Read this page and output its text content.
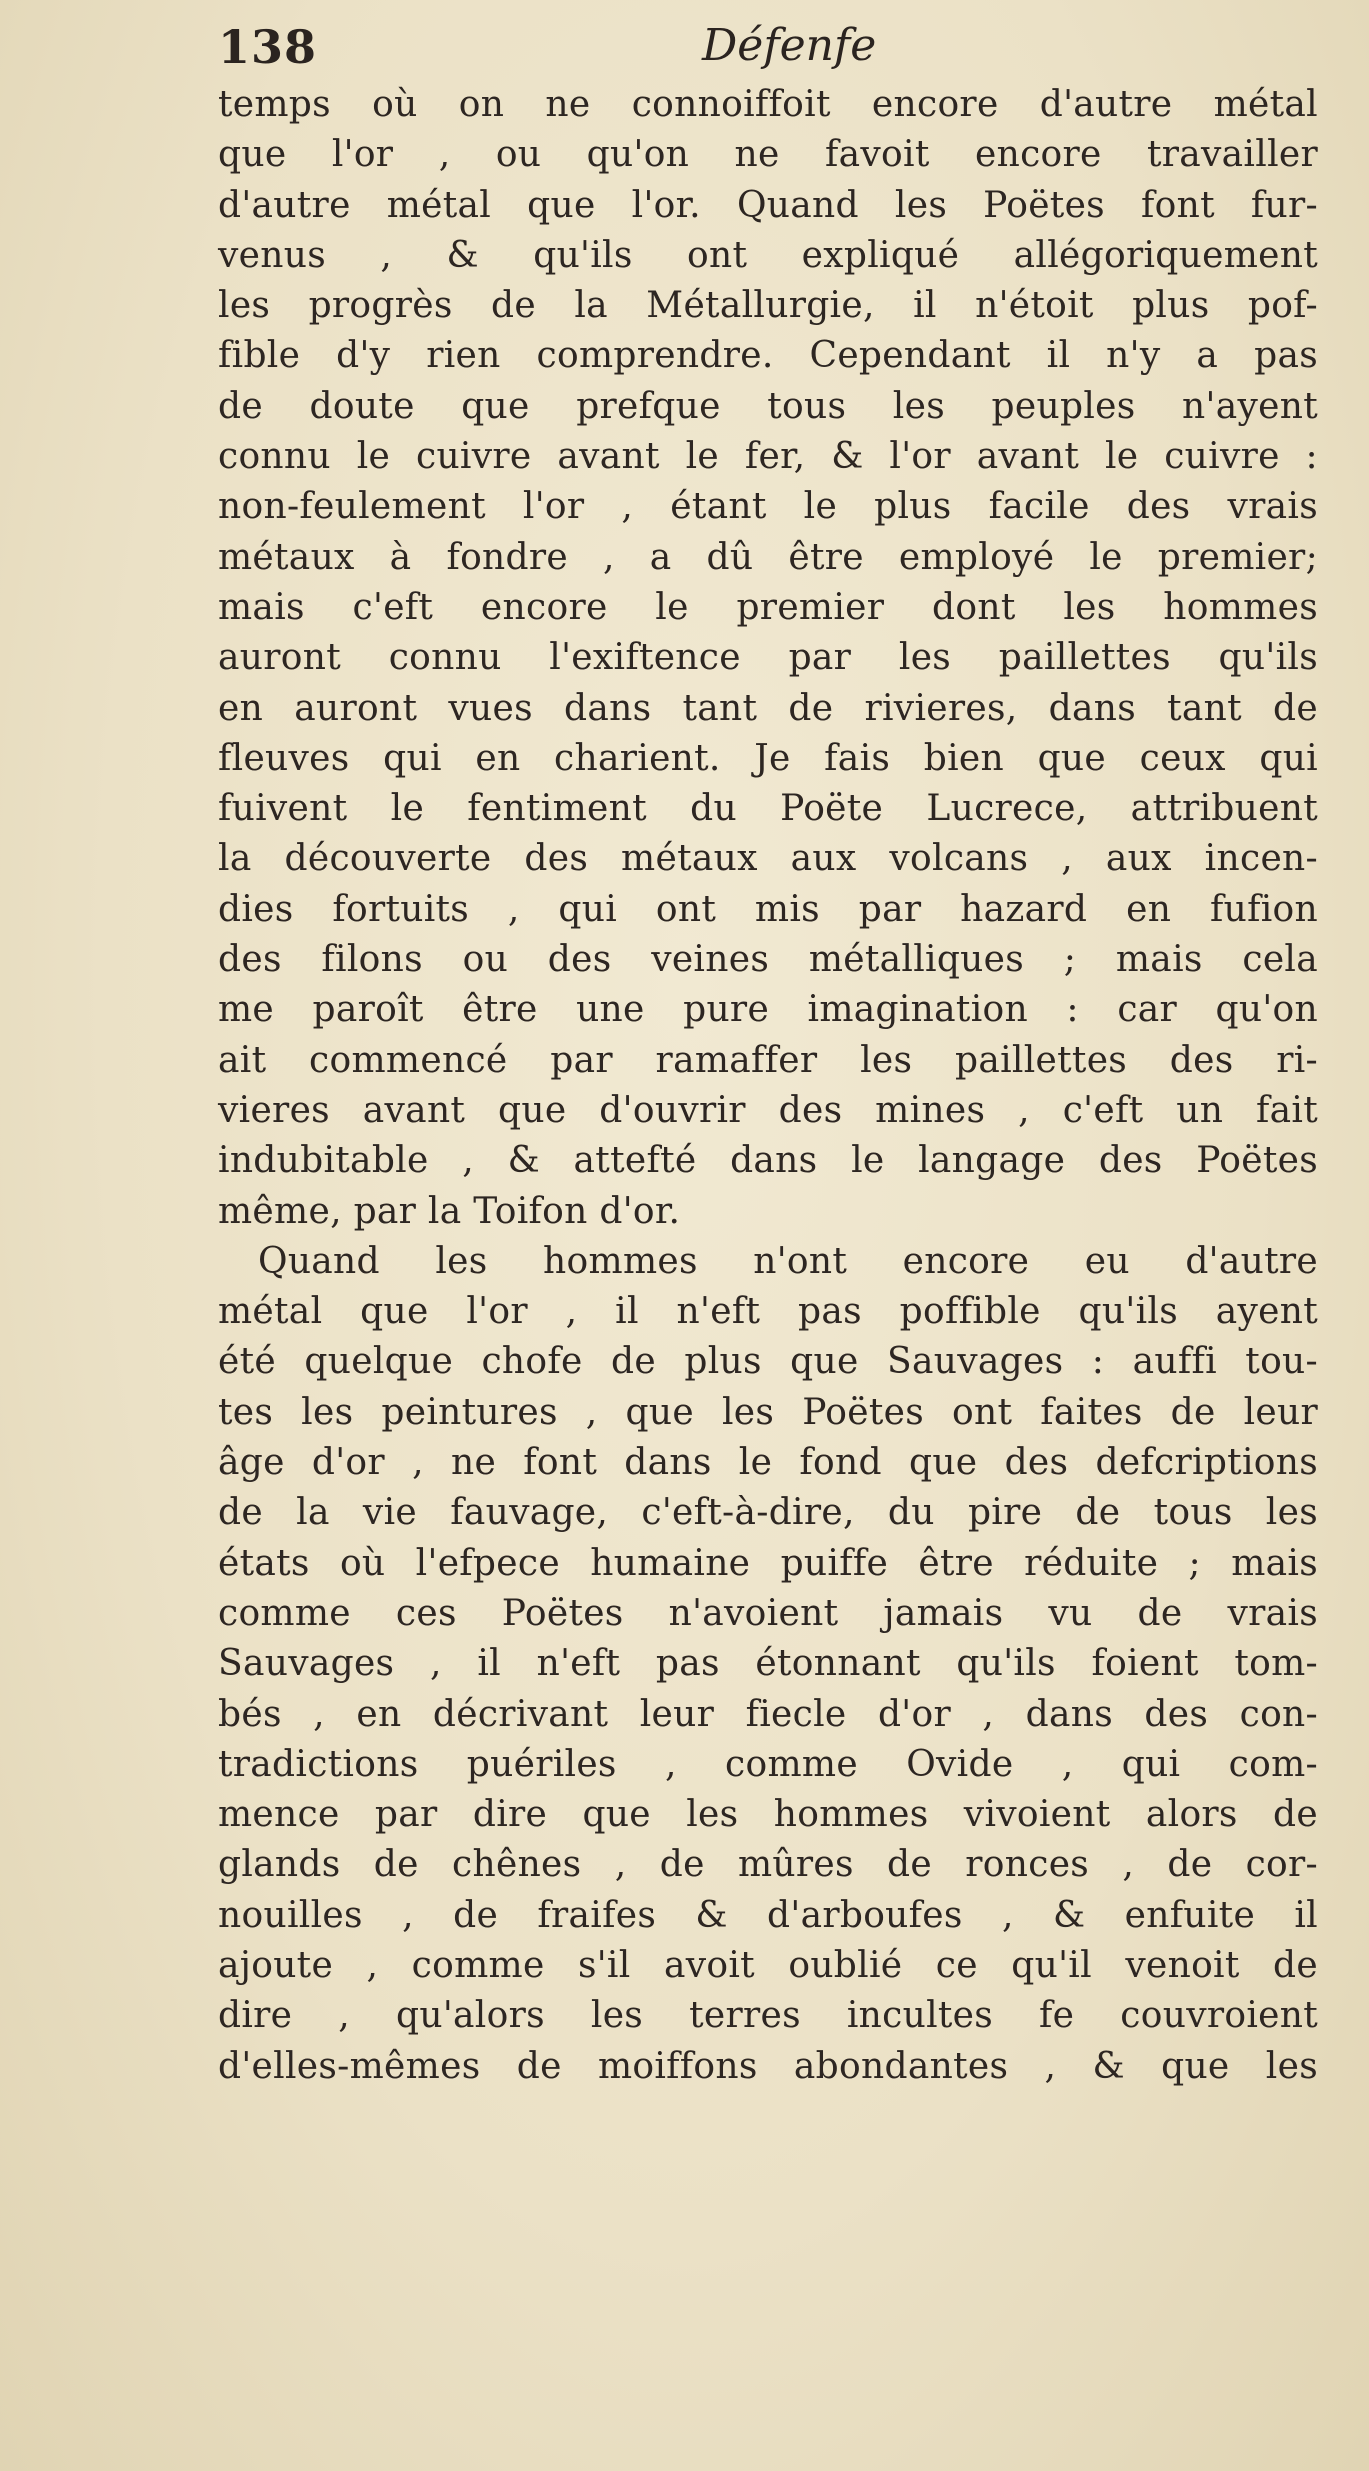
138	Défenfe
temps où on ne connoiffoit encore d'autre métal
que l'or , ou qu'on ne favoit encore travailler
d'autre métal que l'or. Quand les Poëtes font fur-
venus , & qu'ils ont expliqué allégoriquement
les progrès de la Métallurgie, il n'étoit plus pof-
fible d'y rien comprendre. Cependant il n'y a pas
de doute que prefque tous les peuples n'ayent
connu le cuivre avant le fer, & l'or avant le cuivre :
non-feulement l'or , étant le plus facile des vrais
métaux à fondre , a dû être employé le premier;
mais c'eft encore le premier dont les hommes
auront connu l'exiftence par les paillettes qu'ils
en auront vues dans tant de rivieres, dans tant de
fleuves qui en charient. Je fais bien que ceux qui
fuivent le fentiment du Poëte Lucrece, attribuent
la découverte des métaux aux volcans , aux incen-
dies fortuits , qui ont mis par hazard en fufion
des filons ou des veines métalliques ; mais cela
me paroît être une pure imagination : car qu'on
ait commencé par ramaffer les paillettes des ri-
vieres avant que d'ouvrir des mines , c'eft un fait
indubitable , & attefté dans le langage des Poëtes
même, par la Toifon d'or.
Quand les hommes n'ont encore eu d'autre
métal que l'or , il n'eft pas poffible qu'ils ayent
été quelque chofe de plus que Sauvages : auffi tou-
tes les peintures , que les Poëtes ont faites de leur
âge d'or , ne font dans le fond que des defcriptions
de la vie fauvage, c'eft-à-dire, du pire de tous les
états où l'efpece humaine puiffe être réduite ; mais
comme ces Poëtes n'avoient jamais vu de vrais
Sauvages , il n'eft pas étonnant qu'ils foient tom-
bés , en décrivant leur fiecle d'or , dans des con-
tradictions puériles , comme Ovide , qui com-
mence par dire que les hommes vivoient alors de
glands de chênes , de mûres de ronces , de cor-
nouilles , de fraifes & d'arboufes , & enfuite il
ajoute , comme s'il avoit oublié ce qu'il venoit de
dire , qu'alors les terres incultes fe couvroient
d'elles-mêmes de moiffons abondantes , & que les
